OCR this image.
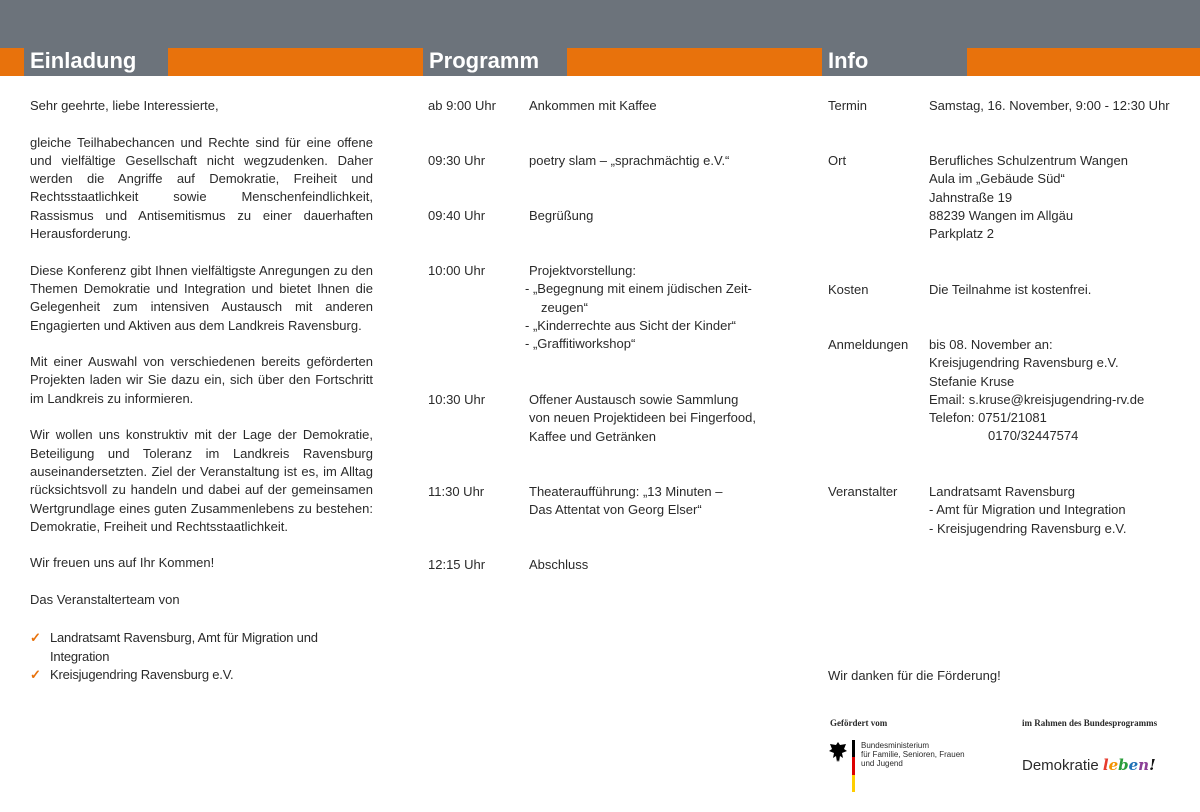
Einladung	Programm	Info

Sehr geehrte, liebe Interessierte,

gleiche Teilhabechancen und Rechte sind für eine offene und vielfältige Gesellschaft nicht wegzudenken. Daher werden die Angriffe auf Demokratie, Freiheit und Rechtsstaatlichkeit sowie Menschenfeindlichkeit, Rassismus und Antisemitismus zu einer dauerhaften Herausforderung.

Diese Konferenz gibt Ihnen vielfältigste Anregungen zu den Themen Demokratie und Integration und bietet Ihnen die Gelegenheit zum intensiven Austausch mit anderen Engagierten und Aktiven aus dem Landkreis Ravensburg.

Mit einer Auswahl von verschiedenen bereits geförderten Projekten laden wir Sie dazu ein, sich über den Fortschritt im Landkreis zu informieren.

Wir wollen uns konstruktiv mit der Lage der Demokratie, Beteiligung und Toleranz im Landkreis Ravensburg auseinandersetzten. Ziel der Veranstaltung ist es, im Alltag rücksichtsvoll zu handeln und dabei auf der gemeinsamen Wertgrundlage eines guten Zusammenlebens zu bestehen: Demokratie, Freiheit und Rechtsstaatlichkeit.

Wir freuen uns auf Ihr Kommen!

Das Veranstalterteam von

✓ Landratsamt Ravensburg, Amt für Migration und Integration
✓ Kreisjugendring Ravensburg e.V.
ab 9:00 Uhr	Ankommen mit Kaffee
09:30 Uhr	poetry slam – „sprachmächtig e.V.“
09:40 Uhr	Begrüßung
10:00 Uhr	Projektvorstellung:
- „Begegnung mit einem jüdischen Zeit-
zeugen“
- „Kinderrechte aus Sicht der Kinder“
- „Graffitiworkshop“
10:30 Uhr	Offener Austausch sowie Sammlung
von neuen Projektideen bei Fingerfood,
Kaffee und Getränken
11:30 Uhr	Theateraufführung: „13 Minuten –
Das Attentat von Georg Elser“
12:15 Uhr	Abschluss
Termin	Samstag, 16. November, 9:00 - 12:30 Uhr
Ort	Berufliches Schulzentrum Wangen
Aula im „Gebäude Süd“
Jahnstraße 19
88239 Wangen im Allgäu
Parkplatz 2
Kosten	Die Teilnahme ist kostenfrei.
Anmeldungen	bis 08. November an:
Kreisjugendring Ravensburg e.V.
Stefanie Kruse
Email: s.kruse@kreisjugendring-rv.de
Telefon: 0751/21081
0170/32447574
Veranstalter	Landratsamt Ravensburg
- Amt für Migration und Integration
- Kreisjugendring Ravensburg e.V.
Wir danken für die Förderung!
Gefördert vom	im Rahmen des Bundesprogramms
Bundesministerium
für Familie, Senioren, Frauen
und Jugend	Demokratie leben!
